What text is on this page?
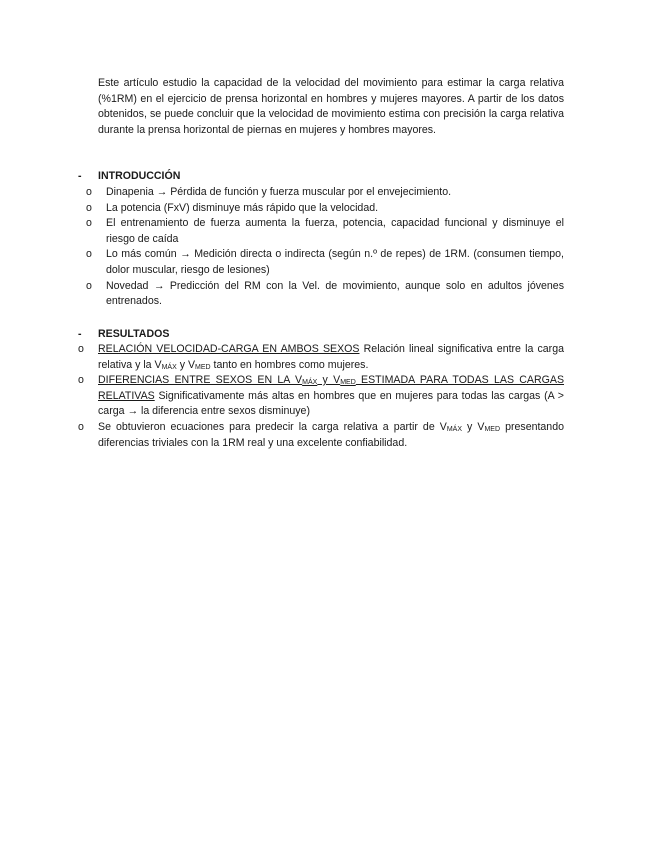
Este artículo estudio la capacidad de la velocidad del movimiento para estimar la carga relativa (%1RM) en el ejercicio de prensa horizontal en hombres y mujeres mayores. A partir de los datos obtenidos, se puede concluir que la velocidad de movimiento estima con precisión la carga relativa durante la prensa horizontal de piernas en mujeres y hombres mayores.

- INTRODUCCIÓN
o	Dinapenia → Pérdida de función y fuerza muscular por el envejecimiento.
o	La potencia (FxV) disminuye más rápido que la velocidad.
o	El entrenamiento de fuerza aumenta la fuerza, potencia, capacidad funcional y disminuye el riesgo de caída
o	Lo más común → Medición directa o indirecta (según n.º de repes) de 1RM. (consumen tiempo, dolor muscular, riesgo de lesiones)
o	Novedad → Predicción del RM con la Vel. de movimiento, aunque solo en adultos jóvenes entrenados.
- RESULTADOS
o	RELACIÓN VELOCIDAD-CARGA EN AMBOS SEXOS Relación lineal significativa entre la carga relativa y la $V_{MÁX}$ y $V_{MED}$ tanto en hombres como mujeres.
o	DIFERENCIAS ENTRE SEXOS EN LA $V_{MÁX}$ y $V_{MED}$ ESTIMADA PARA TODAS LAS CARGAS RELATIVAS Significativamente más altas en hombres que en mujeres para todas las cargas (A > carga → la diferencia entre sexos disminuye)
o	Se obtuvieron ecuaciones para predecir la carga relativa a partir de $V_{MÁX}$ y $V_{MED}$ presentando diferencias triviales con la 1RM real y una excelente confiabilidad.
